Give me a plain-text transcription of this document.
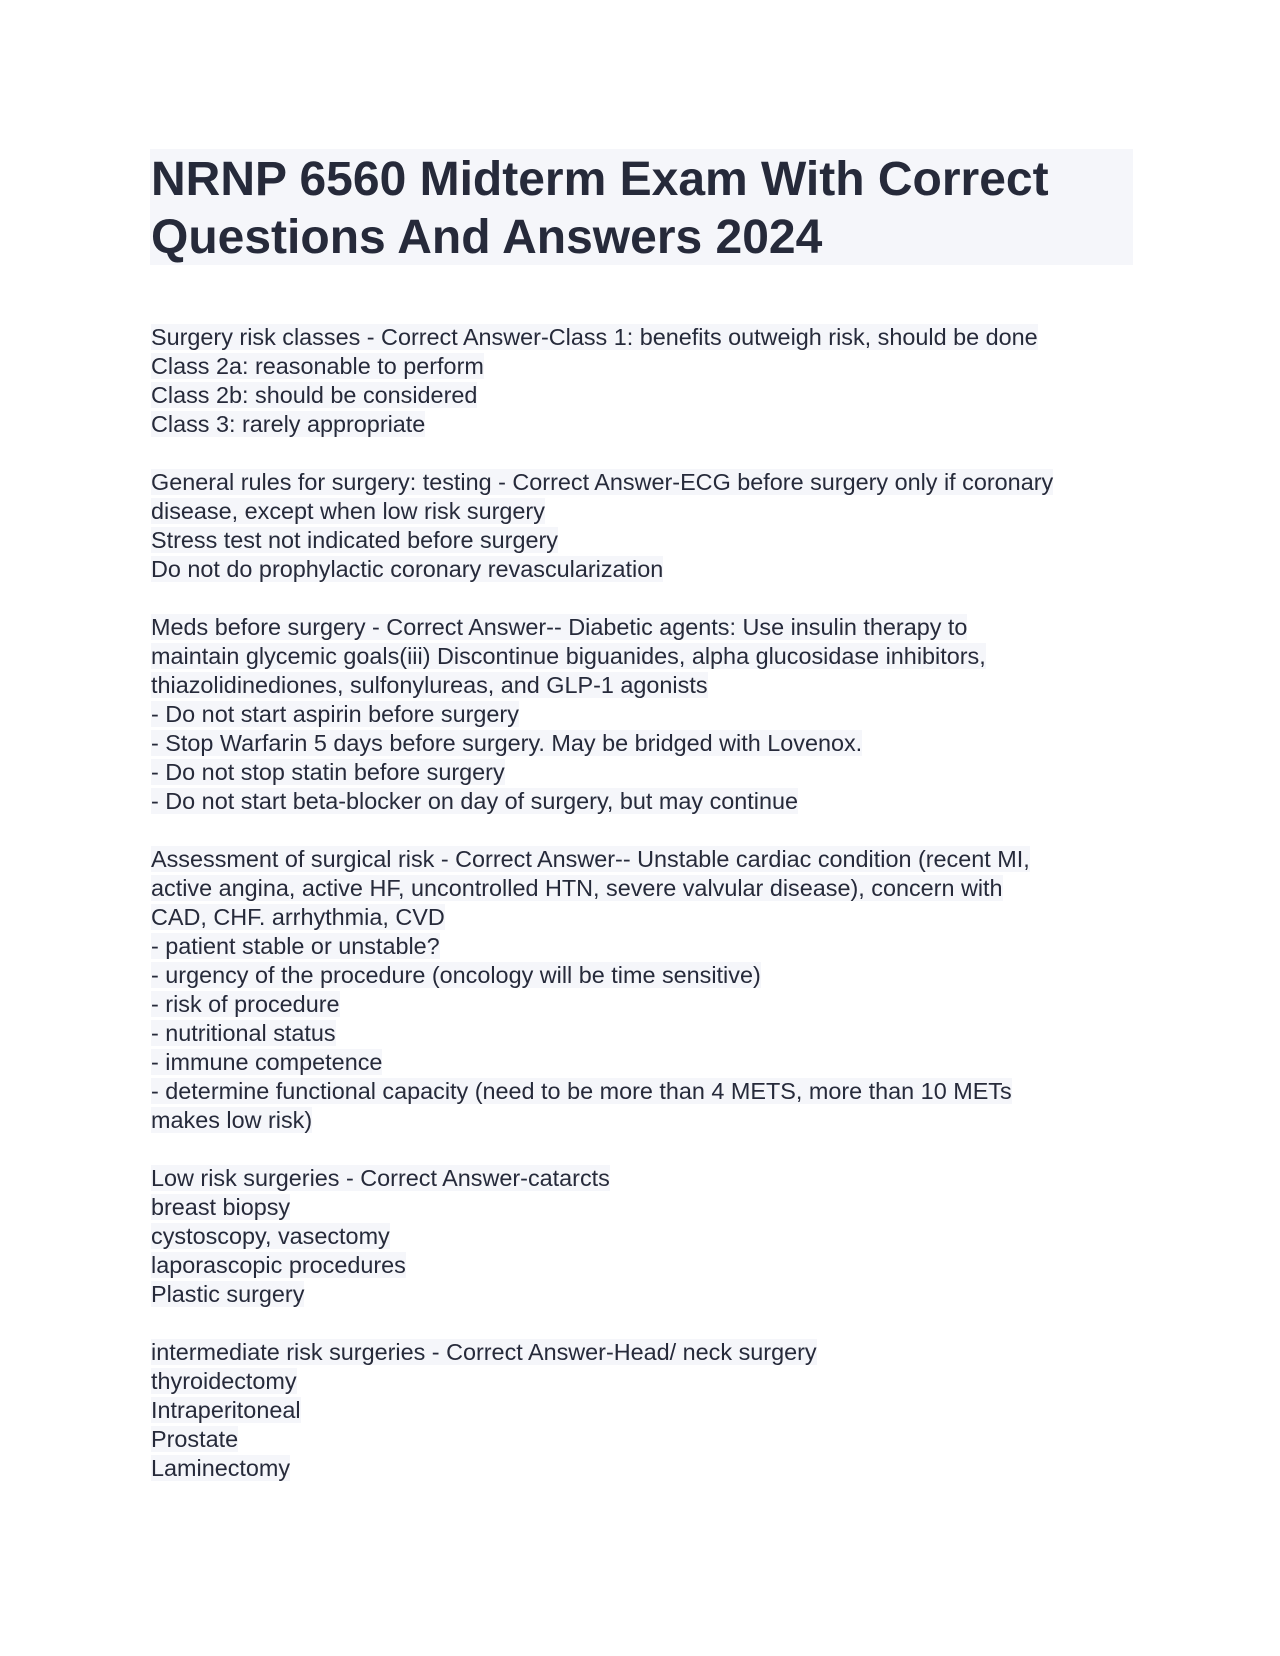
NRNP 6560 Midterm Exam With Correct Questions And Answers 2024
Surgery risk classes - Correct Answer-Class 1: benefits outweigh risk, should be done
Class 2a: reasonable to perform
Class 2b: should be considered
Class 3: rarely appropriate
General rules for surgery: testing - Correct Answer-ECG before surgery only if coronary
disease, except when low risk surgery
Stress test not indicated before surgery
Do not do prophylactic coronary revascularization
Meds before surgery - Correct Answer-- Diabetic agents: Use insulin therapy to
maintain glycemic goals(iii) Discontinue biguanides, alpha glucosidase inhibitors,
thiazolidinediones, sulfonylureas, and GLP-1 agonists
- Do not start aspirin before surgery
- Stop Warfarin 5 days before surgery. May be bridged with Lovenox.
- Do not stop statin before surgery
- Do not start beta-blocker on day of surgery, but may continue
Assessment of surgical risk - Correct Answer-- Unstable cardiac condition (recent MI,
active angina, active HF, uncontrolled HTN, severe valvular disease), concern with
CAD, CHF. arrhythmia, CVD
- patient stable or unstable?
- urgency of the procedure (oncology will be time sensitive)
- risk of procedure
- nutritional status
- immune competence
- determine functional capacity (need to be more than 4 METS, more than 10 METs
makes low risk)
Low risk surgeries - Correct Answer-catarcts
breast biopsy
cystoscopy, vasectomy
laporascopic procedures
Plastic surgery
intermediate risk surgeries - Correct Answer-Head/ neck surgery
thyroidectomy
Intraperitoneal
Prostate
Laminectomy
